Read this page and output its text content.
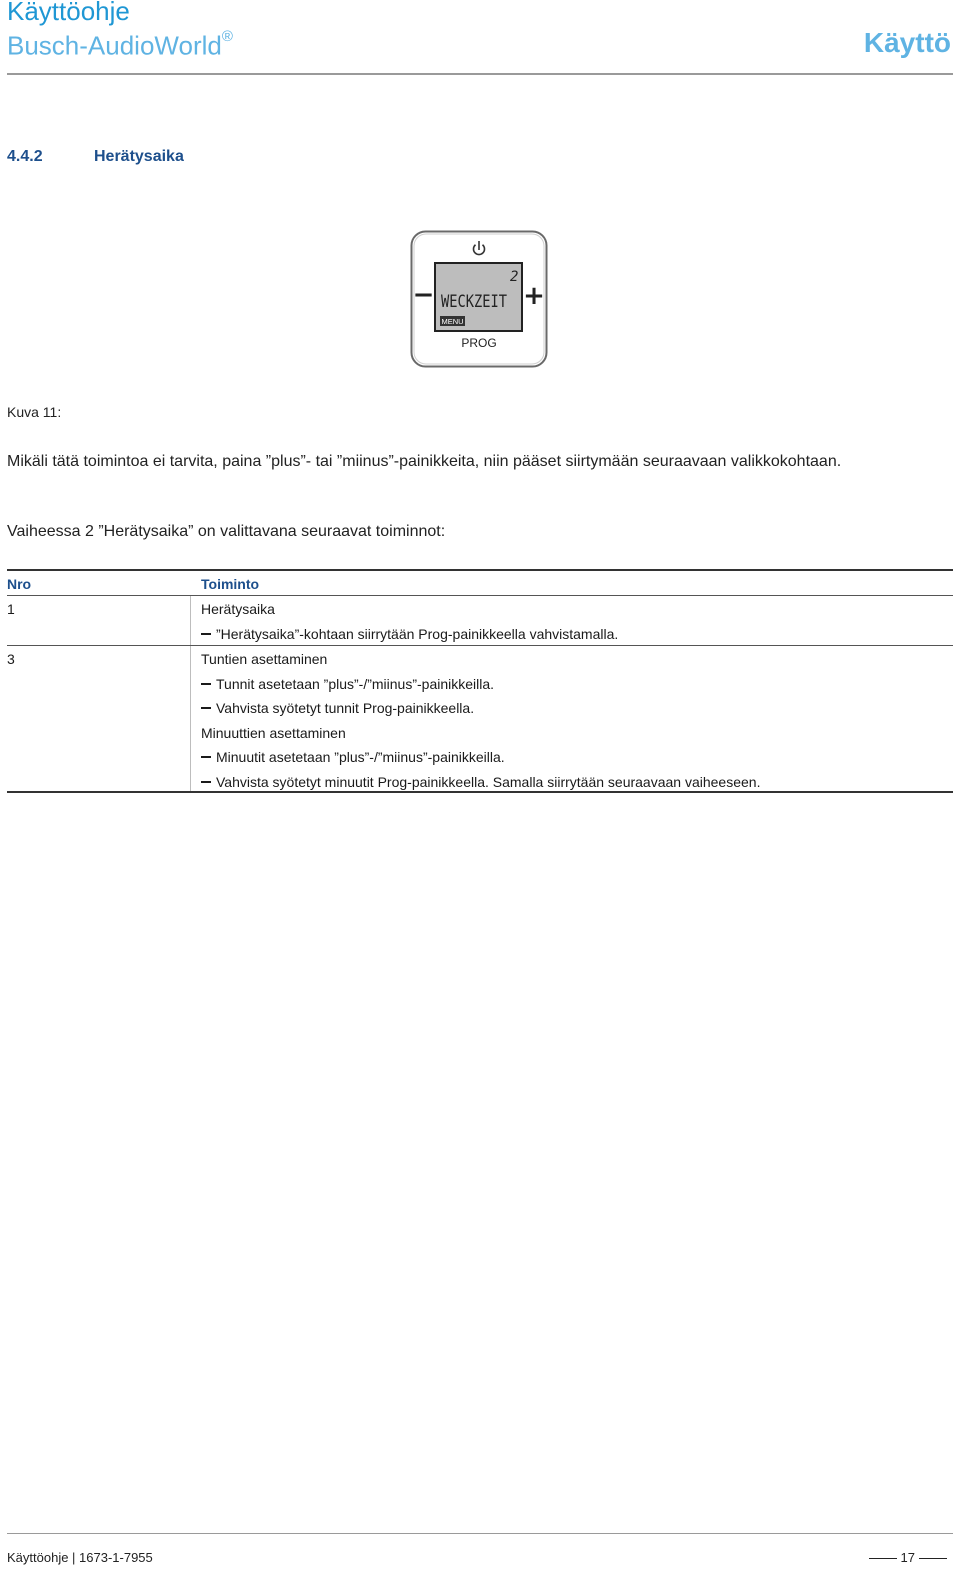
Käyttöohje
Busch-AudioWorld®	Käyttö
4.4.2	Herätysaika
2
WECKZEIT
MENU
−	+
PROG
Kuva 11:
Mikäli tätä toimintoa ei tarvita, paina ”plus”- tai ”miinus”-painikkeita, niin pääset siirtymään seuraavaan valikkokohtaan.
Vaiheessa 2 ”Herätysaika” on valittavana seuraavat toiminnot:
Nro	Toiminto
1	Herätysaika
”Herätysaika”-kohtaan siirrytään Prog-painikkeella vahvistamalla.
3	Tuntien asettaminen
Tunnit asetetaan ”plus”-/”miinus”-painikkeilla.
Vahvista syötetyt tunnit Prog-painikkeella.
Minuuttien asettaminen
Minuutit asetetaan ”plus”-/”miinus”-painikkeilla.
Vahvista syötetyt minuutit Prog-painikkeella. Samalla siirrytään seuraavaan vaiheeseen.
Käyttöohje | 1673-1-7955	17
